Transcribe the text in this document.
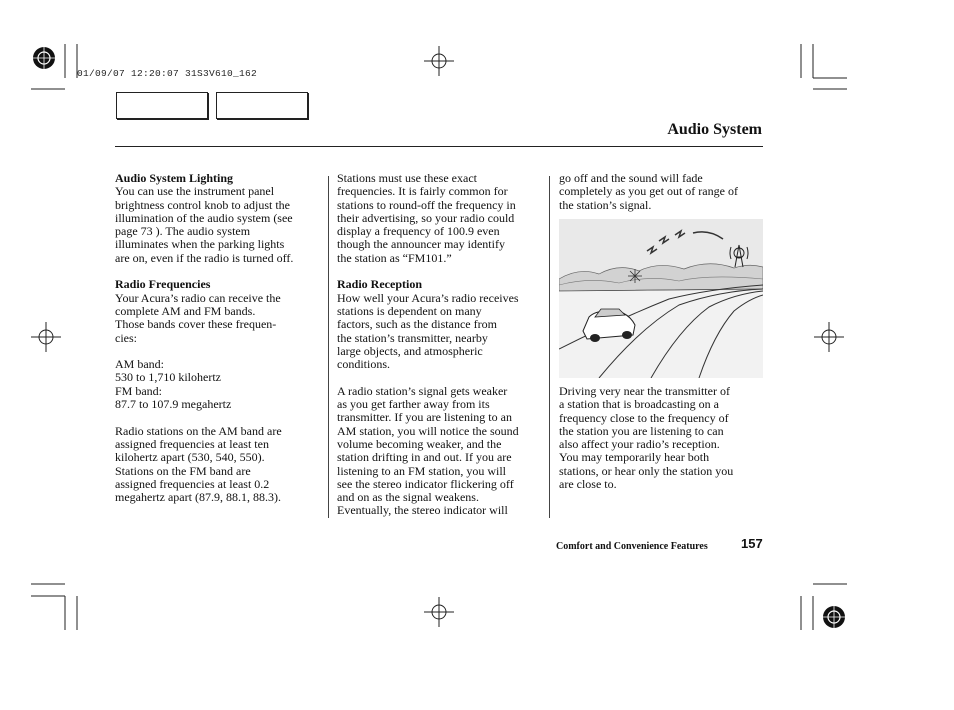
01/09/07 12:20:07 31S3V610_162
Audio System
Audio System Lighting

You can use the instrument panel
brightness control knob to adjust the
illumination of the audio system (see
page 73 ). The audio system
illuminates when the parking lights
are on, even if the radio is turned off.

Radio Frequencies

Your Acura’s radio can receive the
complete AM and FM bands.
Those bands cover these frequen-
cies:

AM band:
530 to 1,710 kilohertz
FM band:
87.7 to 107.9 megahertz

Radio stations on the AM band are
assigned frequencies at least ten
kilohertz apart (530, 540, 550).
Stations on the FM band are
assigned frequencies at least 0.2
megahertz apart (87.9, 88.1, 88.3).

Stations must use these exact
frequencies. It is fairly common for
stations to round-off the frequency in
their advertising, so your radio could
display a frequency of 100.9 even
though the announcer may identify
the station as “FM101.”

Radio Reception

How well your Acura’s radio receives
stations is dependent on many
factors, such as the distance from
the station’s transmitter, nearby
large objects, and atmospheric
conditions.

A radio station’s signal gets weaker
as you get farther away from its
transmitter. If you are listening to an
AM station, you will notice the sound
volume becoming weaker, and the
station drifting in and out. If you are
listening to an FM station, you will
see the stereo indicator flickering off
and on as the signal weakens.
Eventually, the stereo indicator will

go off and the sound will fade
completely as you get out of range of
the station’s signal.

Driving very near the transmitter of
a station that is broadcasting on a
frequency close to the frequency of
the station you are listening to can
also affect your radio’s reception.
You may temporarily hear both
stations, or hear only the station you
are close to.

Comfort and Convenience Features	157
